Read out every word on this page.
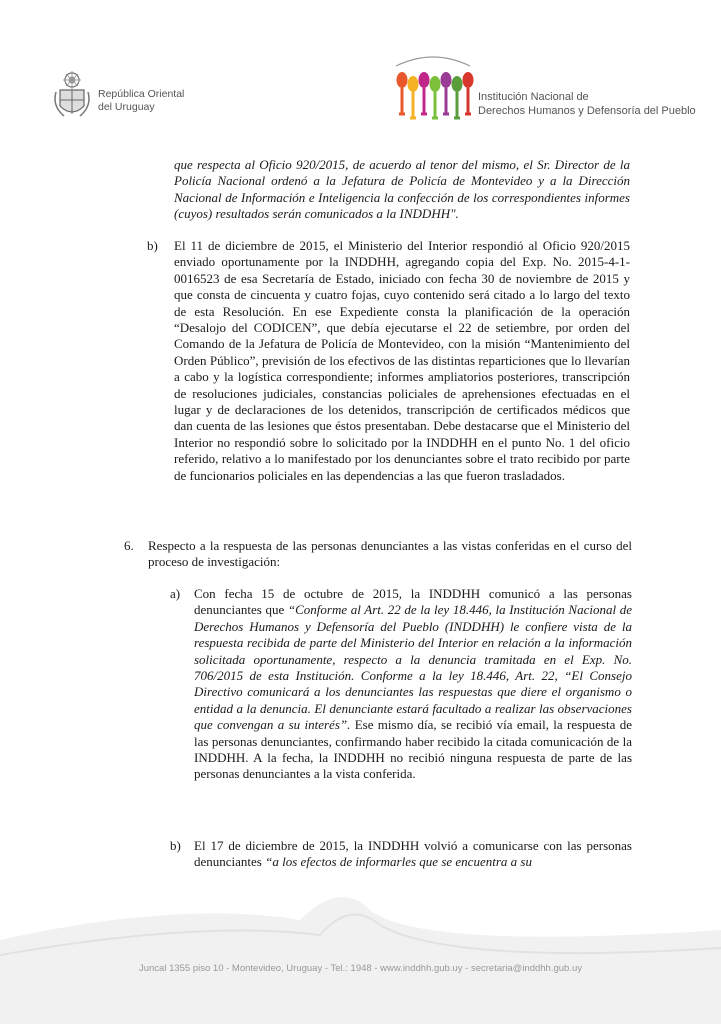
República Oriental
del Uruguay
Institución Nacional de
Derechos Humanos y Defensoría del Pueblo
que respecta al Oficio 920/2015, de acuerdo al tenor del mismo, el Sr. Director de la Policía Nacional ordenó a la Jefatura de Policía de Montevideo y a la Dirección Nacional de Información e Inteligencia la confección de los correspondientes informes (cuyos) resultados serán comunicados a la INDDHH".
b) El 11 de diciembre de 2015, el Ministerio del Interior respondió al Oficio 920/2015 enviado oportunamente por la INDDHH, agregando copia del Exp. No. 2015-4-1-0016523 de esa Secretaría de Estado, iniciado con fecha 30 de noviembre de 2015 y que consta de cincuenta y cuatro fojas, cuyo contenido será citado a lo largo del texto de esta Resolución. En ese Expediente consta la planificación de la operación “Desalojo del CODICEN”, que debía ejecutarse el 22 de setiembre, por orden del Comando de la Jefatura de Policía de Montevideo, con la misión “Mantenimiento del Orden Público”, previsión de los efectivos de las distintas reparticiones que lo llevarían a cabo y la logística correspondiente; informes ampliatorios posteriores, transcripción de resoluciones judiciales, constancias policiales de aprehensiones efectuadas en el lugar y de declaraciones de los detenidos, transcripción de certificados médicos que dan cuenta de las lesiones que éstos presentaban. Debe destacarse que el Ministerio del Interior no respondió sobre lo solicitado por la INDDHH en el punto No. 1 del oficio referido, relativo a lo manifestado por los denunciantes sobre el trato recibido por parte de funcionarios policiales en las dependencias a las que fueron trasladados.
6. Respecto a la respuesta de las personas denunciantes a las vistas conferidas en el curso del proceso de investigación:
a) Con fecha 15 de octubre de 2015, la INDDHH comunicó a las personas denunciantes que “Conforme al Art. 22 de la ley 18.446, la Institución Nacional de Derechos Humanos y Defensoría del Pueblo (INDDHH) le confiere vista de la respuesta recibida de parte del Ministerio del Interior en relación a la información solicitada oportunamente, respecto a la denuncia tramitada en el Exp. No. 706/2015 de esta Institución. Conforme a la ley 18.446, Art. 22, “El Consejo Directivo comunicará a los denunciantes las respuestas que diere el organismo o entidad a la denuncia. El denunciante estará facultado a realizar las observaciones que convengan a su interés”. Ese mismo día, se recibió vía email, la respuesta de las personas denunciantes, confirmando haber recibido la citada comunicación de la INDDHH. A la fecha, la INDDHH no recibió ninguna respuesta de parte de las personas denunciantes a la vista conferida.
b) El 17 de diciembre de 2015, la INDDHH volvió a comunicarse con las personas denunciantes “a los efectos de informarles que se encuentra a su
Juncal 1355 piso 10 - Montevideo, Uruguay - Tel.: 1948 - www.inddhh.gub.uy - secretaria@inddhh.gub.uy
